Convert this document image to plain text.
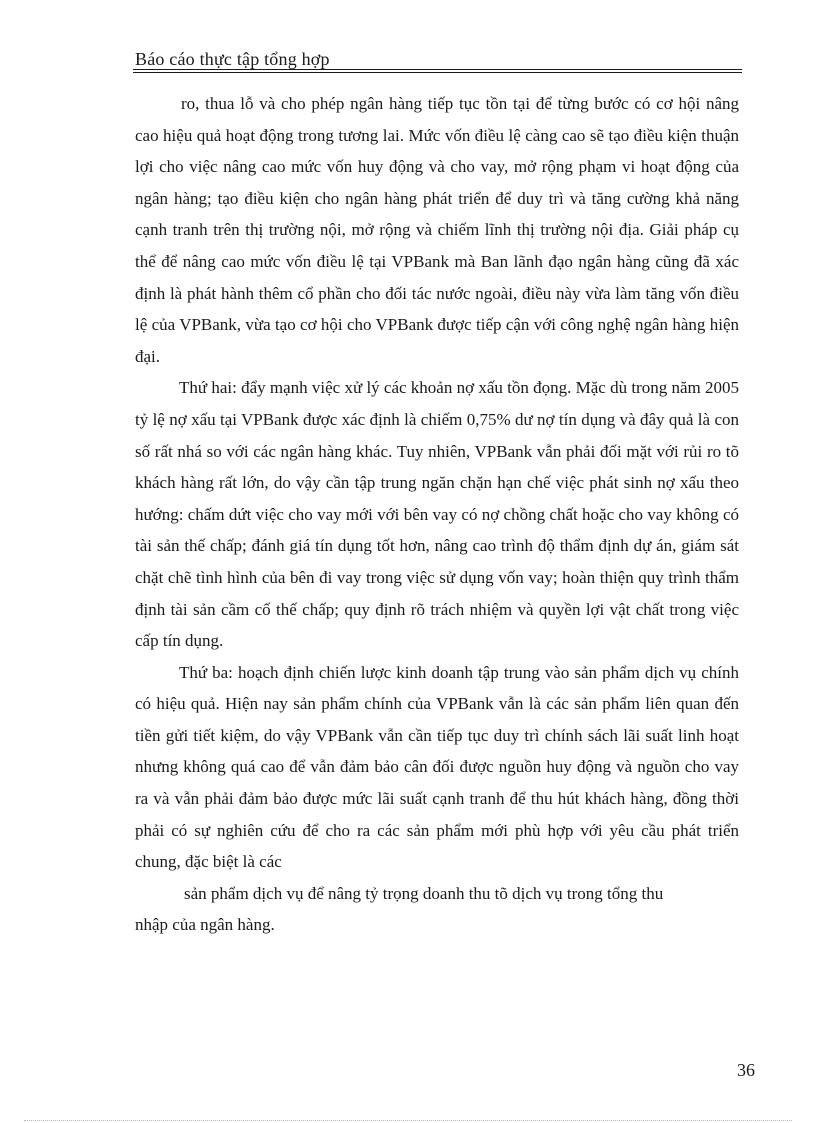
Báo cáo thực tập tổng hợp

ro, thua lỗ và cho phép ngân hàng tiếp tục tồn tại để từng bước có cơ hội nâng cao hiệu quả hoạt động trong tương lai. Mức vốn điều lệ càng cao sẽ tạo điều kiện thuận lợi cho việc nâng cao mức vốn huy động và cho vay, mở rộng phạm vi hoạt động của ngân hàng; tạo điều kiện cho ngân hàng phát triển để duy trì và tăng cường khả năng cạnh tranh trên thị trường nội, mở rộng và chiếm lĩnh thị trường nội địa. Giải pháp cụ thể để nâng cao mức vốn điều lệ tại VPBank mà Ban lãnh đạo ngân hàng cũng đã xác định là phát hành thêm cổ phần cho đối tác nước ngoài, điều này vừa làm tăng vốn điều lệ của VPBank, vừa tạo cơ hội cho VPBank được tiếp cận với công nghệ ngân hàng hiện đại.

Thứ hai: đẩy mạnh việc xử lý các khoản nợ xấu tồn đọng. Mặc dù trong năm 2005 tỷ lệ nợ xấu tại VPBank được xác định là chiếm 0,75% dư nợ tín dụng và đây quả là con số rất nhá so với các ngân hàng khác. Tuy nhiên, VPBank vẫn phải đối mặt với rủi ro tõ khách hàng rất lớn, do vậy cần tập trung ngăn chặn hạn chế việc phát sinh nợ xấu theo hướng: chấm dứt việc cho vay mới với bên vay có nợ chồng chất hoặc cho vay không có tài sản thế chấp; đánh giá tín dụng tốt hơn, nâng cao trình độ thẩm định dự án, giám sát chặt chẽ tình hình của bên đi vay trong việc sử dụng vốn vay; hoàn thiện quy trình thẩm định tài sản cầm cố thế chấp; quy định rõ trách nhiệm và quyền lợi vật chất trong việc cấp tín dụng.

Thứ ba: hoạch định chiến lược kinh doanh tập trung vào sản phẩm dịch vụ chính có hiệu quả. Hiện nay sản phẩm chính của VPBank vẫn là các sản phẩm liên quan đến tiền gửi tiết kiệm, do vậy VPBank vẫn cần tiếp tục duy trì chính sách lãi suất linh hoạt nhưng không quá cao để vẫn đảm bảo cân đối được nguồn huy động và nguồn cho vay ra và vẫn phải đảm bảo được mức lãi suất cạnh tranh để thu hút khách hàng, đồng thời phải có sự nghiên cứu để cho ra các sản phẩm mới phù hợp với yêu cầu phát triển chung, đặc biệt là các

sản phẩm dịch vụ để nâng tỷ trọng doanh thu tõ dịch vụ trong tổng thu
nhập của ngân hàng.

36
